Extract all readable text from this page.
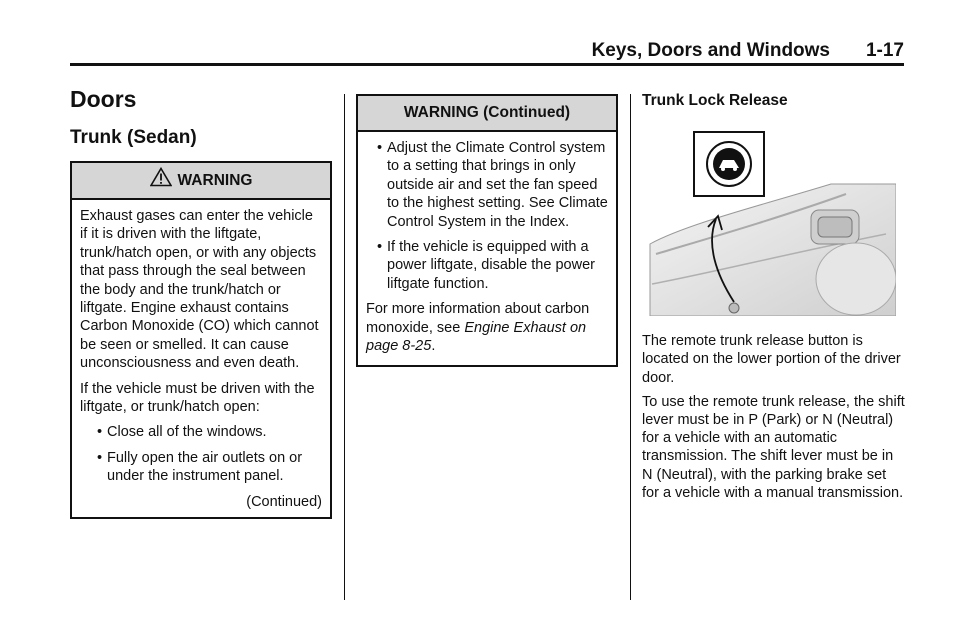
Keys, Doors and Windows 1-17
Doors
Trunk (Sedan)
WARNING

Exhaust gases can enter the vehicle if it is driven with the liftgate, trunk/hatch open, or with any objects that pass through the seal between the body and the trunk/hatch or liftgate. Engine exhaust contains Carbon Monoxide (CO) which cannot be seen or smelled. It can cause unconsciousness and even death.

If the vehicle must be driven with the liftgate, or trunk/hatch open:

• Close all of the windows.
• Fully open the air outlets on or under the instrument panel.
(Continued)
WARNING (Continued)
• Adjust the Climate Control system to a setting that brings in only outside air and set the fan speed to the highest setting. See Climate Control System in the Index.
• If the vehicle is equipped with a power liftgate, disable the power liftgate function.

For more information about carbon monoxide, see Engine Exhaust on page 8-25.

Trunk Lock Release

The remote trunk release button is located on the lower portion of the driver door.

To use the remote trunk release, the shift lever must be in P (Park) or N (Neutral) for a vehicle with an automatic transmission. The shift lever must be in N (Neutral), with the parking brake set for a vehicle with a manual transmission.
